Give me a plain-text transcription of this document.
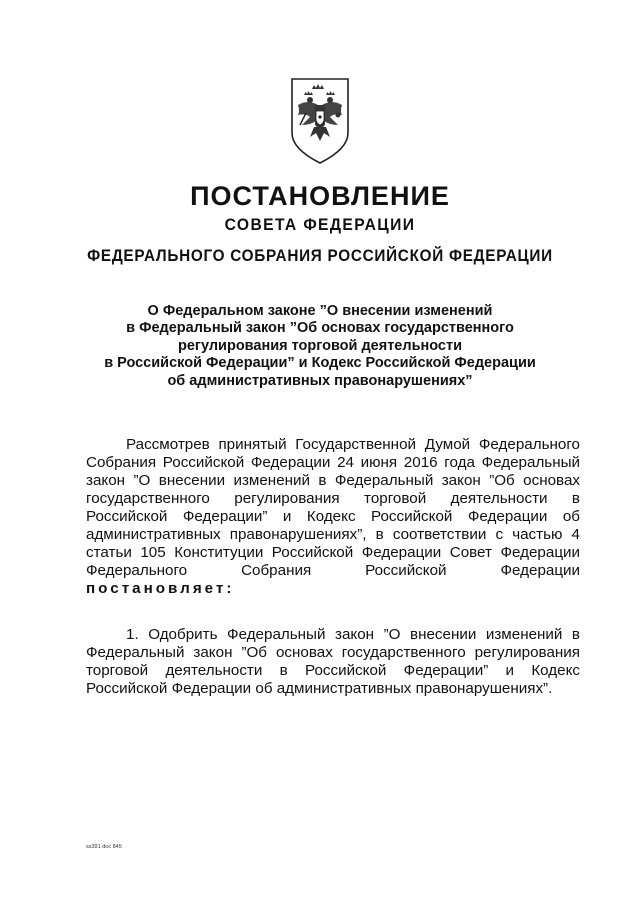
ПОСТАНОВЛЕНИЕ
СОВЕТА ФЕДЕРАЦИИ
ФЕДЕРАЛЬНОГО СОБРАНИЯ РОССИЙСКОЙ ФЕДЕРАЦИИ
О Федеральном законе ”О внесении изменений
в Федеральный закон ”Об основах государственного
регулирования торговой деятельности
в Российской Федерации” и Кодекс Российской Федерации
об административных правонарушениях”
Рассмотрев принятый Государственной Думой Федерального
Собрания Российской Федерации 24 июня 2016 года Федеральный
закон ”О внесении изменений в Федеральный закон ”Об основах
государственного регулирования торговой деятельности в
Российской Федерации” и Кодекс Российской Федерации об
административных правонарушениях”, в соответствии с частью 4
статьи 105 Конституции Российской Федерации Совет Федерации
Федерального Собрания Российской Федерации
постановляет:
1. Одобрить Федеральный закон ”О внесении изменений в
Федеральный закон ”Об основах государственного регулирования
торговой деятельности в Российской Федерации” и Кодекс
Российской Федерации об административных правонарушениях”.
ss391 doc 845
